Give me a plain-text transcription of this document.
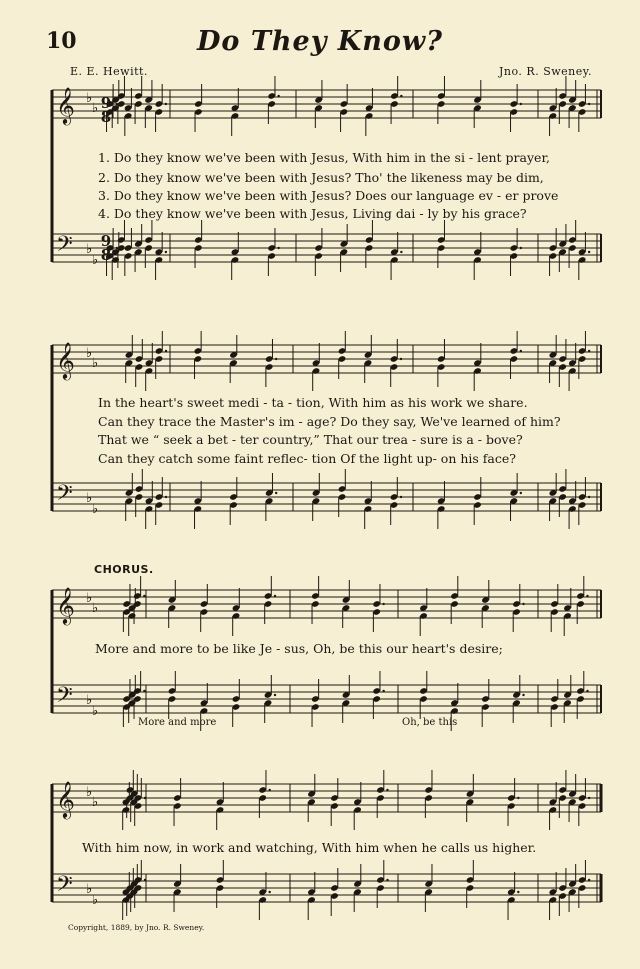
10	Do They Know?
E. E. Hewitt.	Jno. R. Sweney.
𝄞
𝄢
♭
♭
♭
♭
𝄞
𝄢
♭
♭
♭
♭
𝄞
𝄢
♭
♭
♭
♭
𝄞
𝄢
♭
♭
♭
♭
9
8
9
8
1. Do they know we've been with Jesus, With him in the si - lent prayer,
2. Do they know we've been with Jesus? Tho' the likeness may be dim,
3. Do they know we've been with Jesus? Does our language ev - er prove
4. Do they know we've been with Jesus, Living dai - ly by his grace?
In the heart's sweet medi - ta - tion, With him as his work we share.
Can they trace the Master's im - age? Do they say, We've learned of him?
That we “ seek a bet - ter country,” That our trea - sure is a - bove?
Can they catch some faint reflec- tion Of the light up- on his face?
CHORUS.
More and more to be like Je - sus, Oh, be this our heart's desire;
More and more	Oh, be this
With him now, in work and watching, With him when he calls us higher.
Copyright, 1889, by Jno. R. Sweney.
